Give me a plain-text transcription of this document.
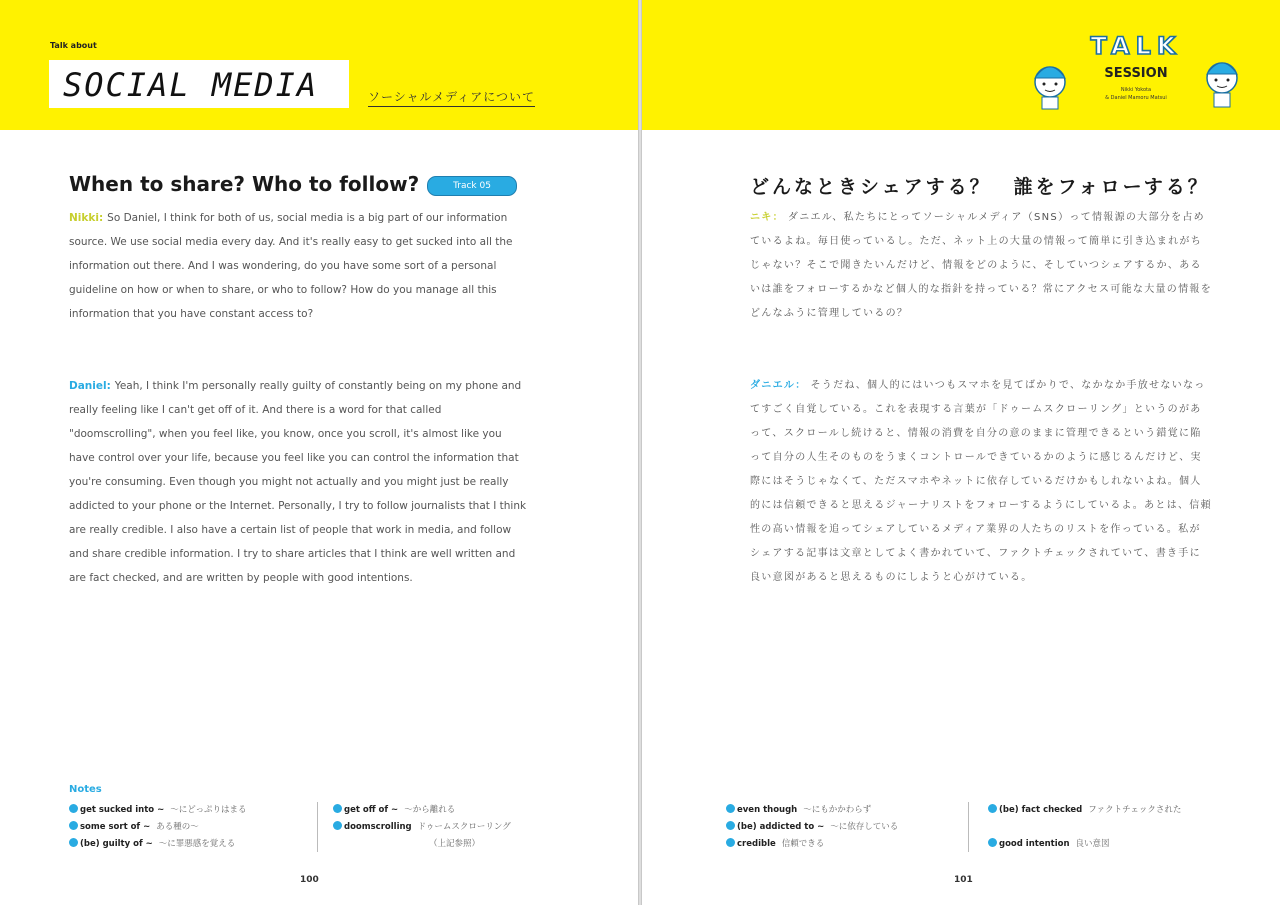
Talk about
SOCIAL MEDIA	ソーシャルメディアについて
When to share? Who to follow?	Track 05
Nikki: So Daniel, I think for both of us, social media is a big part of our information source. We use social media every day. And it's really easy to get sucked into all the information out there. And I was wondering, do you have some sort of a personal guideline on how or when to share, or who to follow? How do you manage all this information that you have constant access to?
Daniel: Yeah, I think I'm personally really guilty of constantly being on my phone and really feeling like I can't get off of it. And there is a word for that called "doomscrolling", when you feel like, you know, once you scroll, it's almost like you have control over your life, because you feel like you can control the information that you're consuming. Even though you might not actually and you might just be really addicted to your phone or the Internet. Personally, I try to follow journalists that I think are really credible. I also have a certain list of people that work in media, and follow and share credible information. I try to share articles that I think are well written and are fact checked, and are written by people with good intentions.
Notes
get sucked into ~ ～にどっぷりはまる
some sort of ~ ある種の～
(be) guilty of ~ ～に罪悪感を覚える
get off of ~ ～から離れる
doomscrolling ドゥームスクローリング
（上記参照）
100
どんなときシェアする？　誰をフォローする？
ニキ： ダニエル、私たちにとってソーシャルメディア（SNS）って情報源の大部分を占めているよね。毎日使っているし。ただ、ネット上の大量の情報って簡単に引き込まれがちじゃない？そこで聞きたいんだけど、情報をどのように、そしていつシェアするか、あるいは誰をフォローするかなど個人的な指針を持っている？常にアクセス可能な大量の情報をどんなふうに管理しているの？
ダニエル： そうだね、個人的にはいつもスマホを見てばかりで、なかなか手放せないなってすごく自覚している。これを表現する言葉が「ドゥームスクローリング」というのがあって、スクロールし続けると、情報の消費を自分の意のままに管理できるという錯覚に陥って自分の人生そのものをうまくコントロールできているかのように感じるんだけど、実際にはそうじゃなくて、ただスマホやネットに依存しているだけかもしれないよね。個人的には信頼できると思えるジャーナリストをフォローするようにしているよ。あとは、信頼性の高い情報を追ってシェアしているメディア業界の人たちのリストを作っている。私がシェアする記事は文章としてよく書かれていて、ファクトチェックされていて、書き手に良い意図があると思えるものにしようと心がけている。
even though ～にもかかわらず
(be) addicted to ~ ～に依存している
credible 信頼できる
(be) fact checked ファクトチェックされた
good intention 良い意図
101
TALK
SESSION
Nikki Yokota
& Daniel Mamoru Matsui
